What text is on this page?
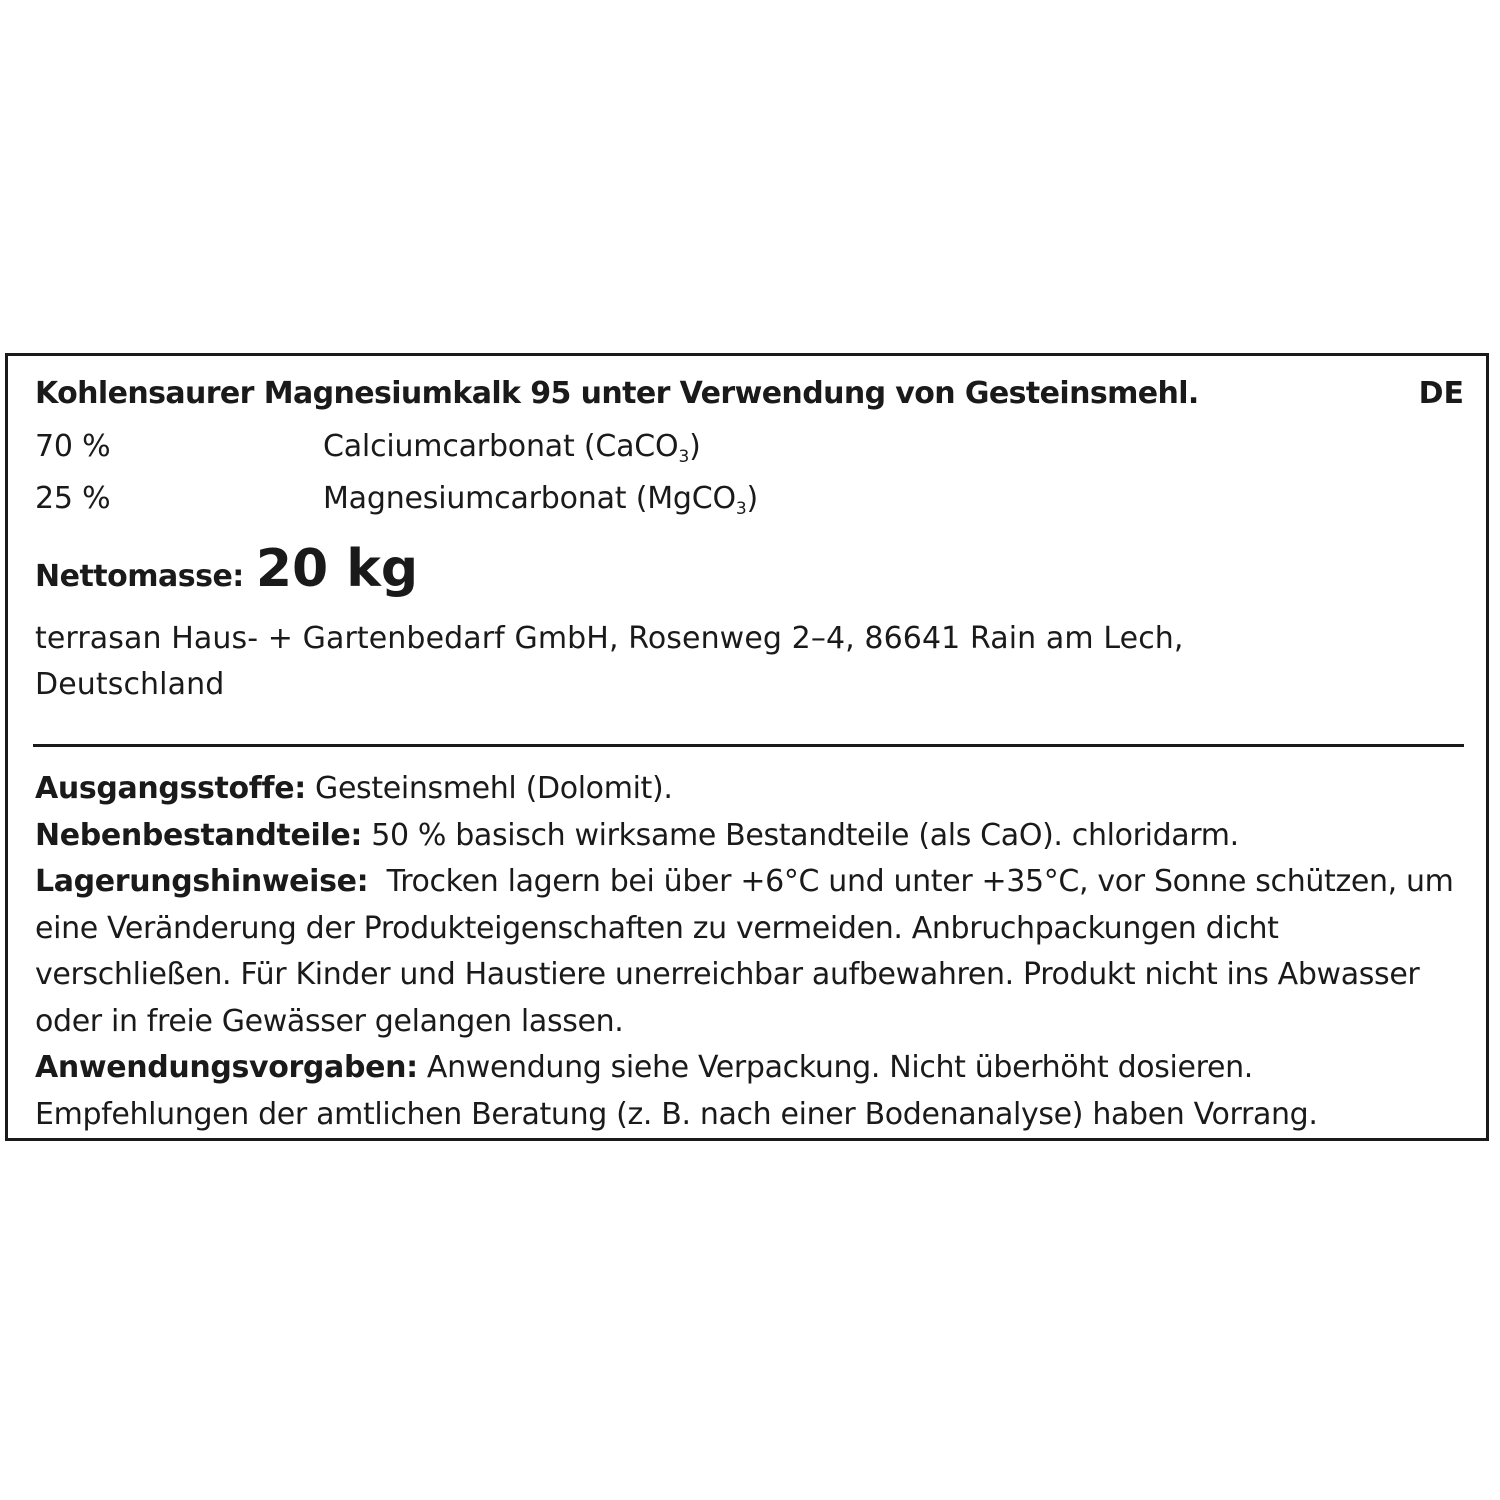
Kohlensaurer Magnesiumkalk 95 unter Verwendung von Gesteinsmehl.	DE
70 %	Calciumcarbonat (CaCO$_3$)
25 %	Magnesiumcarbonat (MgCO$_3$)
Nettomasse: 20 kg
terrasan Haus- + Gartenbedarf GmbH, Rosenweg 2–4, 86641 Rain am Lech, Deutschland

Ausgangsstoffe: Gesteinsmehl (Dolomit).

Nebenbestandteile: 50 % basisch wirksame Bestandteile (als CaO). chloridarm.

Lagerungshinweise:  Trocken lagern bei über +6°C und unter +35°C, vor Sonne schützen, um eine Veränderung der Produkteigenschaften zu vermeiden. Anbruchpackungen dicht verschließen. Für Kinder und Haustiere unerreichbar aufbewahren. Produkt nicht ins Abwasser oder in freie Gewässer gelangen lassen.

Anwendungsvorgaben: Anwendung siehe Verpackung. Nicht überhöht dosieren. Empfehlungen der amtlichen Beratung (z. B. nach einer Bodenanalyse) haben Vorrang.
